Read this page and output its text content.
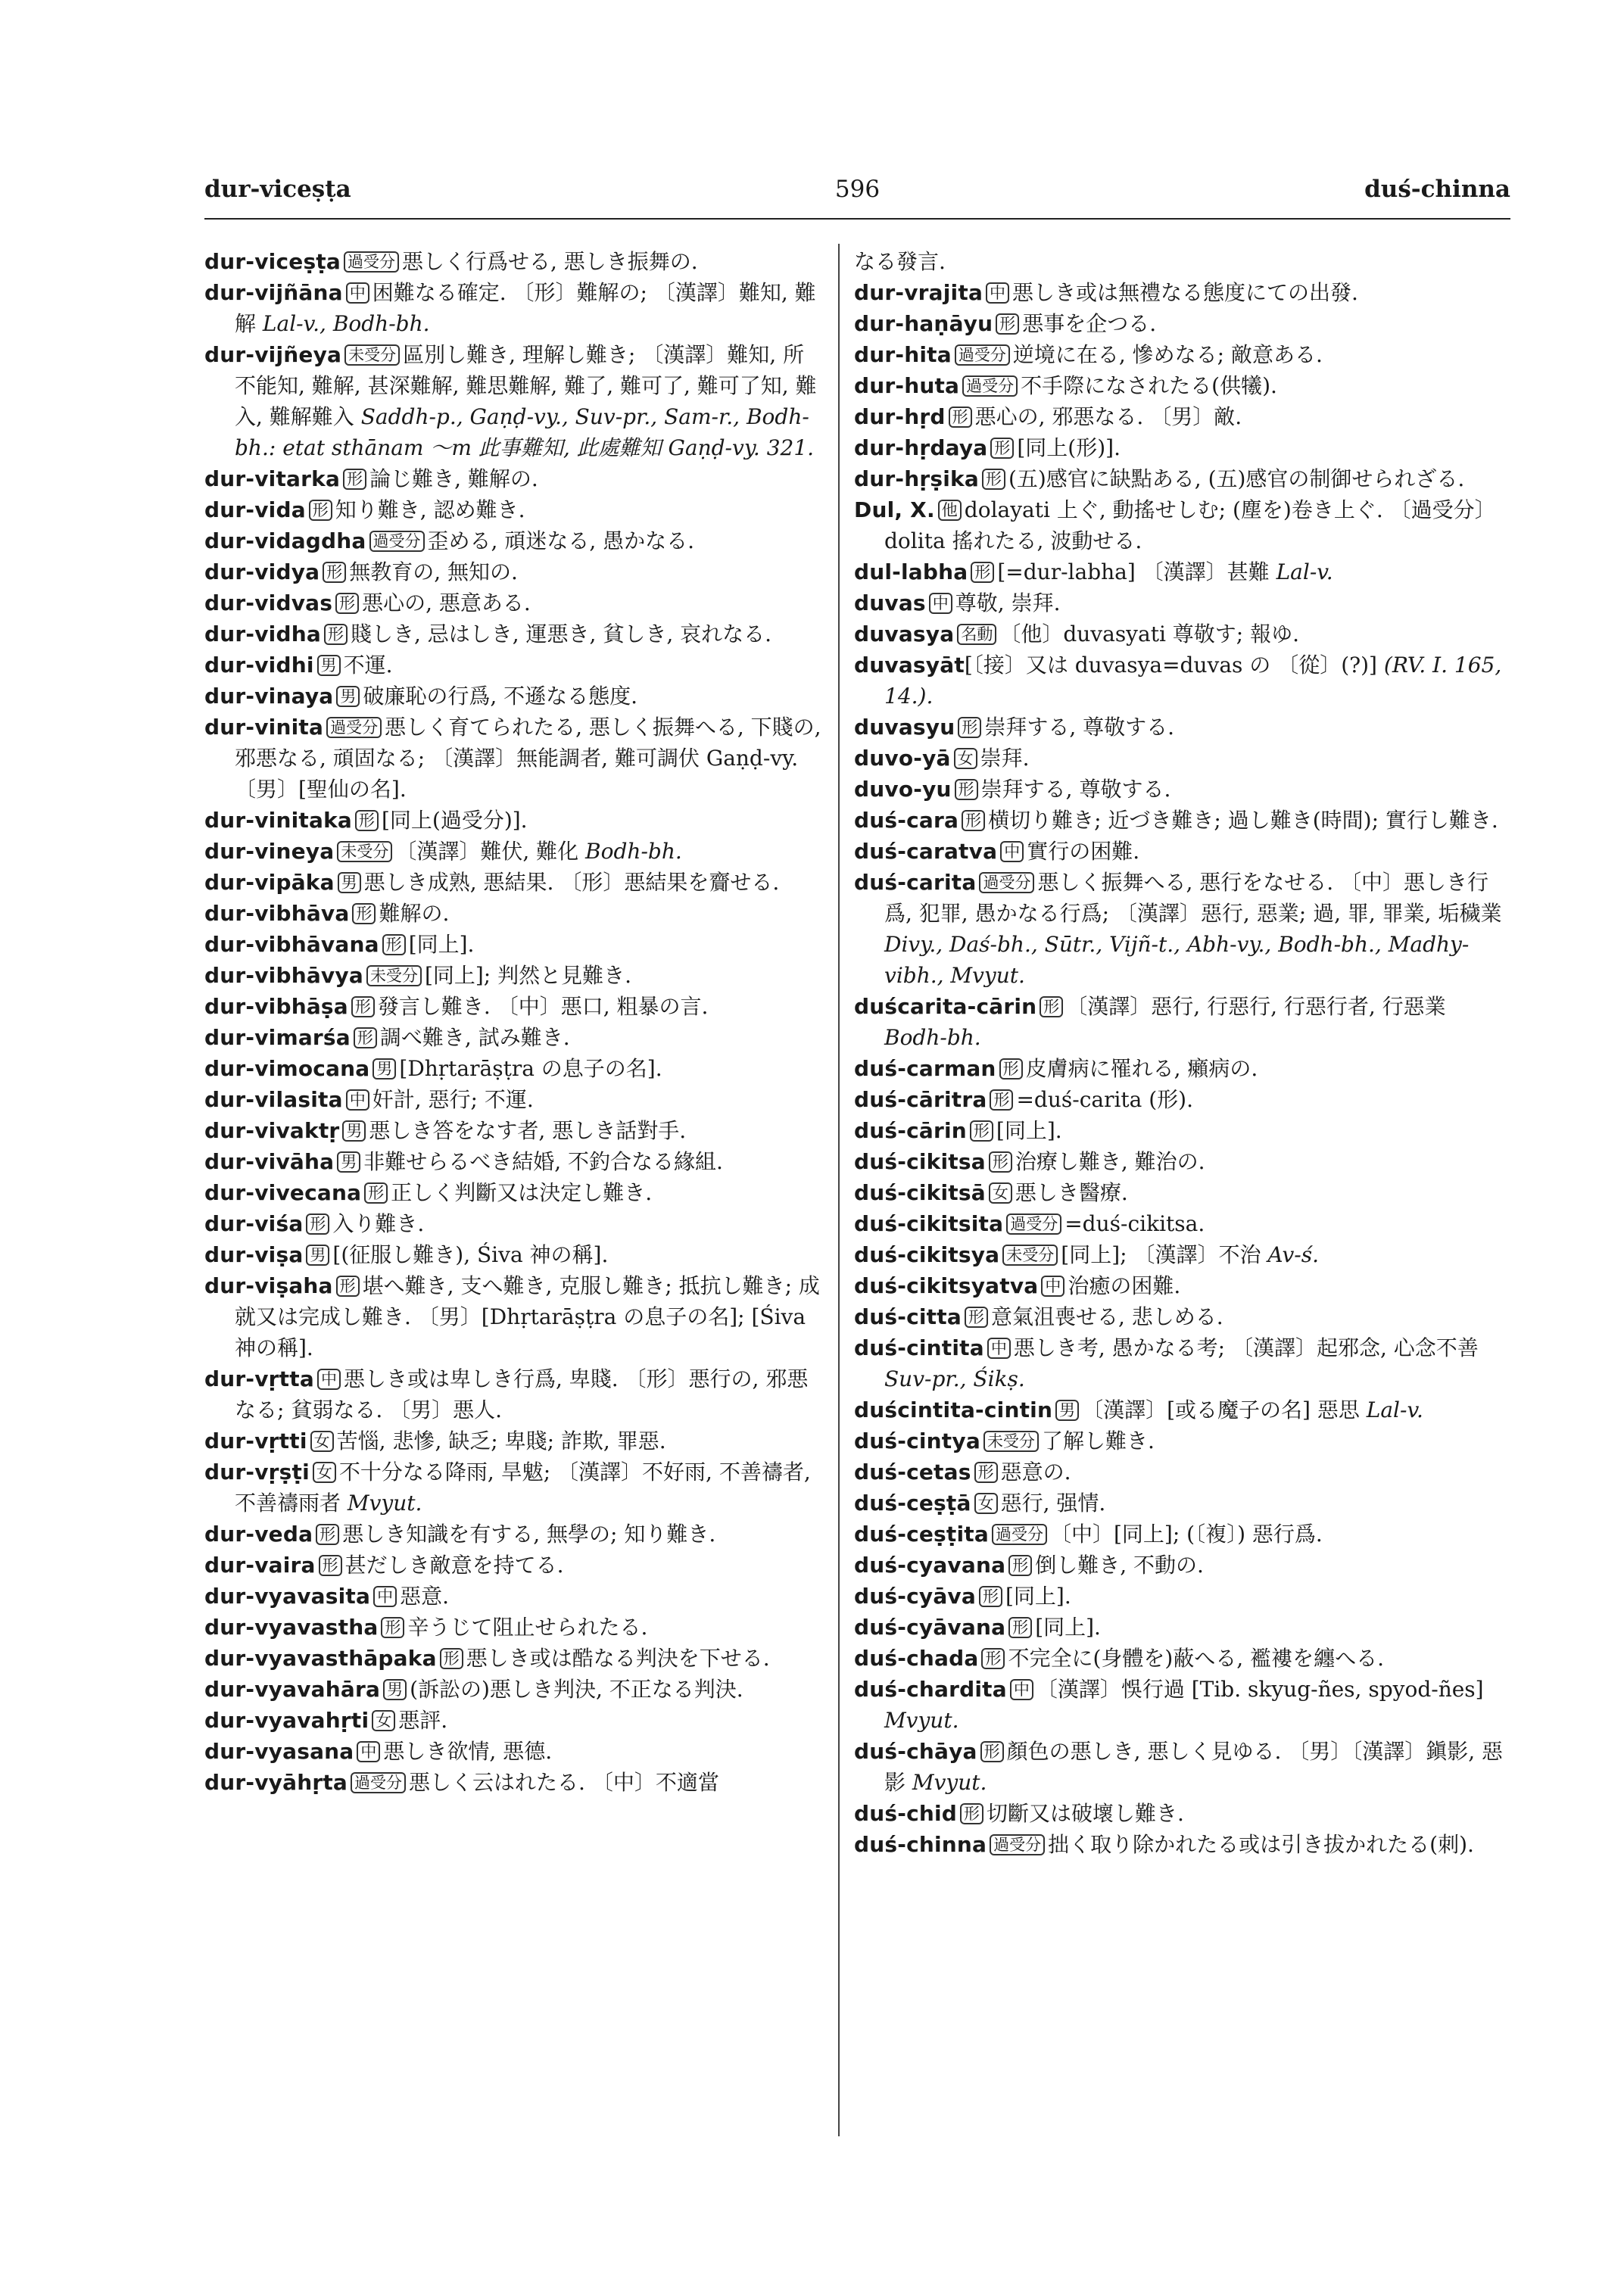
dur-viceṣṭa	596	duś-chinna

dur-viceṣṭa 過受分 悪しく行爲せる, 悪しき振舞の.

dur-vijñāna 中 困難なる確定. 〔形〕難解の; 〔漢譯〕難知, 難解 Lal-v., Bodh-bh.

dur-vijñeya 未受分 區別し難き, 理解し難き; 〔漢譯〕難知, 所不能知, 難解, 甚深難解, 難思難解, 難了, 難可了, 難可了知, 難入, 難解難入 Saddh-p., Gaṇḍ-vy., Suv-pr., Sam-r., Bodh-bh.: etat sthānam 〜m 此事難知, 此處難知 Gaṇḍ-vy. 321.

dur-vitarka 形 論じ難き, 難解の.

dur-vida 形 知り難き, 認め難き.

dur-vidagdha 過受分 歪める, 頑迷なる, 愚かなる.

dur-vidya 形 無教育の, 無知の.

dur-vidvas 形 悪心の, 悪意ある.

dur-vidha 形 賤しき, 忌はしき, 運悪き, 貧しき, 哀れなる.

dur-vidhi 男 不運.

dur-vinaya 男 破廉恥の行爲, 不遜なる態度.

dur-vinita 過受分 悪しく育てられたる, 悪しく振舞へる, 下賤の, 邪悪なる, 頑固なる; 〔漢譯〕無能調者, 難可調伏 Gaṇḍ-vy. 〔男〕[聖仙の名].

dur-vinitaka 形 [同上(過受分)].

dur-vineya 未受分 〔漢譯〕難伏, 難化 Bodh-bh.

dur-vipāka 男 悪しき成熟, 悪結果. 〔形〕悪結果を齎せる.

dur-vibhāva 形 難解の.

dur-vibhāvana 形 [同上].

dur-vibhāvya 未受分 [同上]; 判然と見難き.

dur-vibhāṣa 形 發言し難き. 〔中〕悪口, 粗暴の言.

dur-vimarśa 形 調べ難き, 試み難き.

dur-vimocana 男 [Dhṛtarāṣṭra の息子の名].

dur-vilasita 中 奸計, 惡行; 不運.

dur-vivaktṛ 男 悪しき答をなす者, 悪しき話對手.

dur-vivāha 男 非難せらるべき結婚, 不釣合なる緣組.

dur-vivecana 形 正しく判斷又は決定し難き.

dur-viśa 形 入り難き.

dur-viṣa 男 [(征服し難き), Śiva 神の稱].

dur-viṣaha 形 堪へ難き, 支へ難き, 克服し難き; 抵抗し難き; 成就又は完成し難き. 〔男〕[Dhṛtarāṣṭra の息子の名]; [Śiva 神の稱].

dur-vṛtta 中 悪しき或は卑しき行爲, 卑賤. 〔形〕悪行の, 邪悪なる; 貧弱なる. 〔男〕悪人.

dur-vṛtti 女 苦惱, 悲慘, 缺乏; 卑賤; 詐欺, 罪惡.

dur-vṛṣṭi 女 不十分なる降雨, 旱魃; 〔漢譯〕不好雨, 不善禱者, 不善禱雨者 Mvyut.

dur-veda 形 悪しき知識を有する, 無學の; 知り難き.

dur-vaira 形 甚だしき敵意を持てる.

dur-vyavasita 中 惡意.

dur-vyavastha 形 辛うじて阻止せられたる.

dur-vyavasthāpaka 形 悪しき或は酷なる判決を下せる.

dur-vyavahāra 男 (訴訟の)悪しき判決, 不正なる判決.

dur-vyavahṛti 女 悪評.

dur-vyasana 中 悪しき欲情, 悪德.

dur-vyāhṛta 過受分 悪しく云はれたる. 〔中〕不適當

なる發言.

dur-vrajita 中 悪しき或は無禮なる態度にての出發.

dur-haṇāyu 形 悪事を企つる.

dur-hita 過受分 逆境に在る, 慘めなる; 敵意ある.

dur-huta 過受分 不手際になされたる(供犧).

dur-hṛd 形 悪心の, 邪悪なる. 〔男〕敵.

dur-hṛdaya 形 [同上(形)].

dur-hṛṣika 形 (五)感官に缺點ある, (五)感官の制御せられざる.

Dul, X. 他 dolayati 上ぐ, 動搖せしむ; (塵を)卷き上ぐ. 〔過受分〕dolita 搖れたる, 波動せる.

dul-labha 形 [=dur-labha] 〔漢譯〕甚難 Lal-v.

duvas 中 尊敬, 崇拜.

duvasya 名動 〔他〕duvasyati 尊敬す; 報ゆ.

duvasyāt[〔接〕又は duvasya=duvas の 〔從〕(?)] (RV. I. 165, 14.).

duvasyu 形 崇拜する, 尊敬する.

duvo-yā 女 崇拜.

duvo-yu 形 崇拜する, 尊敬する.

duś-cara 形 横切り難き; 近づき難き; 過し難き(時間); 實行し難き.

duś-caratva 中 實行の困難.

duś-carita 過受分 悪しく振舞へる, 悪行をなせる. 〔中〕悪しき行爲, 犯罪, 愚かなる行爲; 〔漢譯〕惡行, 惡業; 過, 罪, 罪業, 垢穢業 Divy., Daś-bh., Sūtr., Vijñ-t., Abh-vy., Bodh-bh., Madhy-vibh., Mvyut.

duścarita-cārin 形 〔漢譯〕惡行, 行惡行, 行惡行者, 行惡業 Bodh-bh.

duś-carman 形 皮膚病に罹れる, 癩病の.

duś-cāritra 形 =duś-carita (形).

duś-cārin 形 [同上].

duś-cikitsa 形 治療し難き, 難治の.

duś-cikitsā 女 悪しき醫療.

duś-cikitsita 過受分 =duś-cikitsa.

duś-cikitsya 未受分 [同上]; 〔漢譯〕不治 Av-ś.

duś-cikitsyatva 中 治癒の困難.

duś-citta 形 意氣沮喪せる, 悲しめる.

duś-cintita 中 悪しき考, 愚かなる考; 〔漢譯〕起邪念, 心念不善 Suv-pr., Śikṣ.

duścintita-cintin 男 〔漢譯〕[或る魔子の名] 惡思 Lal-v.

duś-cintya 未受分 了解し難き.

duś-cetas 形 惡意の.

duś-ceṣṭā 女 惡行, 强情.

duś-ceṣṭita 過受分 〔中〕[同上]; (〔複〕) 惡行爲.

duś-cyavana 形 倒し難き, 不動の.

duś-cyāva 形 [同上].

duś-cyāvana 形 [同上].

duś-chada 形 不完全に(身體を)蔽へる, 襤褸を纏へる.

duś-chardita 中 〔漢譯〕悞行過 [Tib. skyug-ñes, spyod-ñes] Mvyut.

duś-chāya 形 顏色の悪しき, 悪しく見ゆる. 〔男〕〔漢譯〕鎭影, 惡影 Mvyut.

duś-chid 形 切斷又は破壞し難き.

duś-chinna 過受分 拙く取り除かれたる或は引き拔かれたる(刺).
